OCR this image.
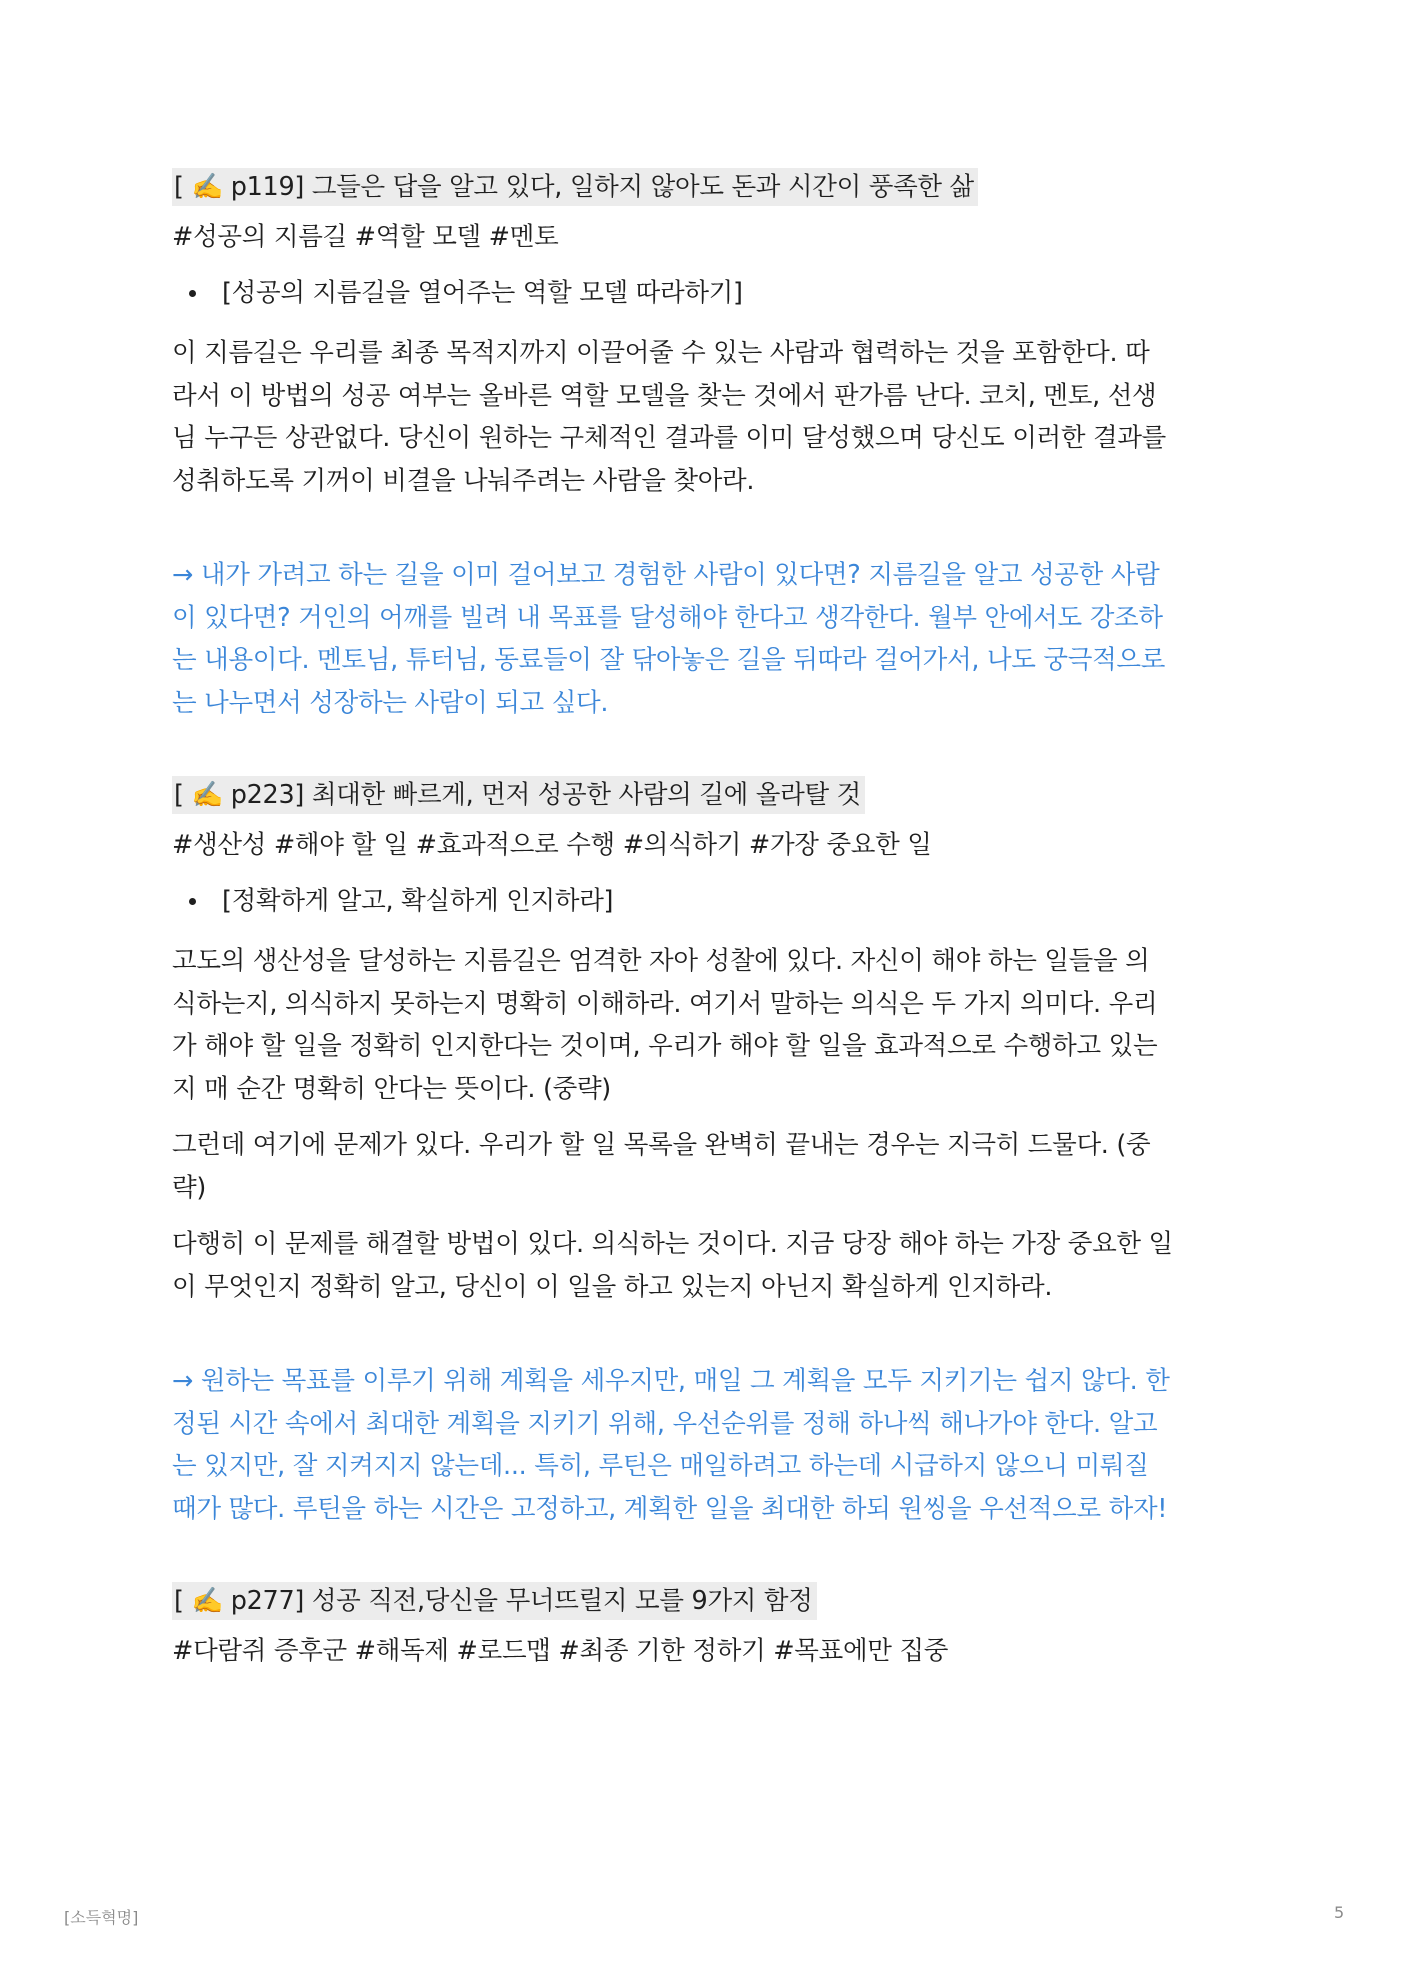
[ ✍️ p119] 그들은 답을 알고 있다, 일하지 않아도 돈과 시간이 풍족한 삶
#성공의 지름길 #역할 모델 #멘토
[성공의 지름길을 열어주는 역할 모델 따라하기]
이 지름길은 우리를 최종 목적지까지 이끌어줄 수 있는 사람과 협력하는 것을 포함한다. 따
라서 이 방법의 성공 여부는 올바른 역할 모델을 찾는 것에서 판가름 난다. 코치, 멘토, 선생
님 누구든 상관없다. 당신이 원하는 구체적인 결과를 이미 달성했으며 당신도 이러한 결과를
성취하도록 기꺼이 비결을 나눠주려는 사람을 찾아라.
→ 내가 가려고 하는 길을 이미 걸어보고 경험한 사람이 있다면? 지름길을 알고 성공한 사람
이 있다면? 거인의 어깨를 빌려 내 목표를 달성해야 한다고 생각한다. 월부 안에서도 강조하
는 내용이다. 멘토님, 튜터님, 동료들이 잘 닦아놓은 길을 뒤따라 걸어가서, 나도 궁극적으로
는 나누면서 성장하는 사람이 되고 싶다.
[ ✍️ p223] 최대한 빠르게, 먼저 성공한 사람의 길에 올라탈 것
#생산성 #해야 할 일 #효과적으로 수행 #의식하기 #가장 중요한 일
[정확하게 알고, 확실하게 인지하라]
고도의 생산성을 달성하는 지름길은 엄격한 자아 성찰에 있다. 자신이 해야 하는 일들을 의
식하는지, 의식하지 못하는지 명확히 이해하라. 여기서 말하는 의식은 두 가지 의미다. 우리
가 해야 할 일을 정확히 인지한다는 것이며, 우리가 해야 할 일을 효과적으로 수행하고 있는
지 매 순간 명확히 안다는 뜻이다. (중략)
그런데 여기에 문제가 있다. 우리가 할 일 목록을 완벽히 끝내는 경우는 지극히 드물다. (중
략)
다행히 이 문제를 해결할 방법이 있다. 의식하는 것이다. 지금 당장 해야 하는 가장 중요한 일
이 무엇인지 정확히 알고, 당신이 이 일을 하고 있는지 아닌지 확실하게 인지하라.
→ 원하는 목표를 이루기 위해 계획을 세우지만, 매일 그 계획을 모두 지키기는 쉽지 않다. 한
정된 시간 속에서 최대한 계획을 지키기 위해, 우선순위를 정해 하나씩 해나가야 한다. 알고
는 있지만, 잘 지켜지지 않는데... 특히, 루틴은 매일하려고 하는데 시급하지 않으니 미뤄질
때가 많다. 루틴을 하는 시간은 고정하고, 계획한 일을 최대한 하되 원씽을 우선적으로 하자!
[ ✍️ p277] 성공 직전,당신을 무너뜨릴지 모를 9가지 함정
#다람쥐 증후군 #해독제 #로드맵 #최종 기한 정하기 #목표에만 집중
[소득혁명]	5
